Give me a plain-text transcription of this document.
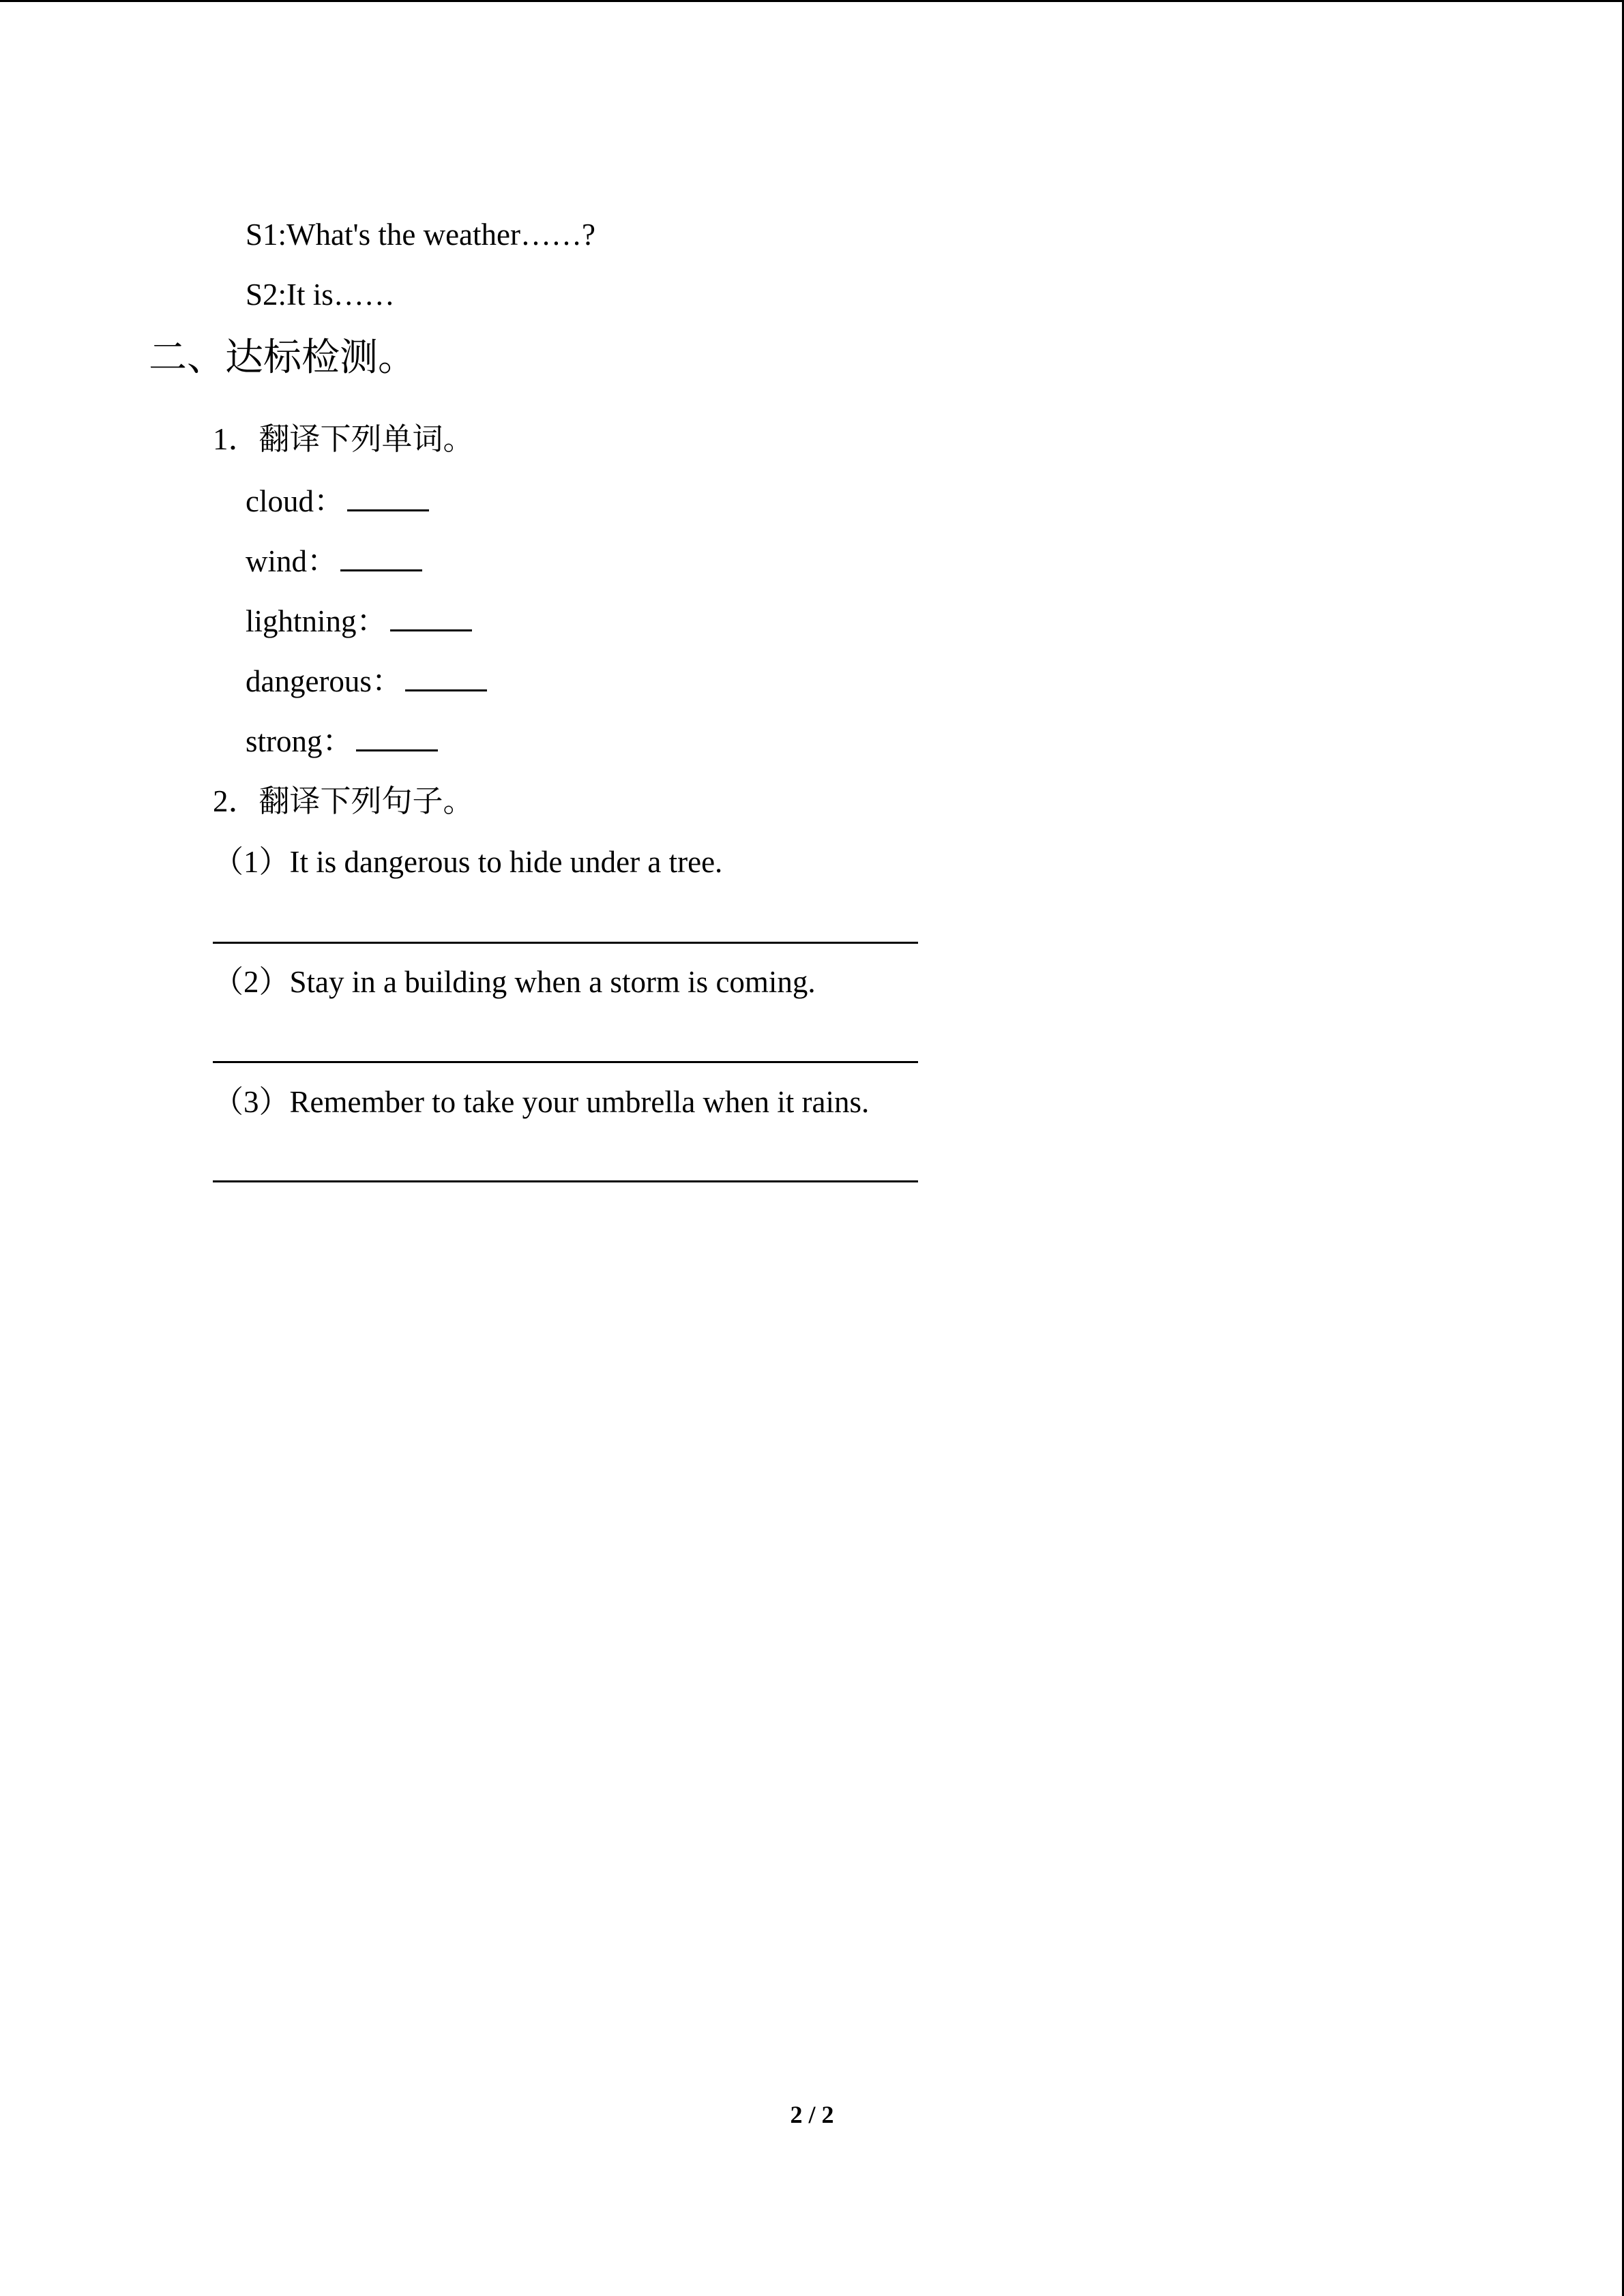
S1:What's the weather……?
S2:It is……
二、达标检测。
1．翻译下列单词。
cloud：
wind：
lightning：
dangerous：
strong：
2．翻译下列句子。
（1）It is dangerous to hide under a tree.
（2）Stay in a building when a storm is coming.
（3）Remember to take your umbrella when it rains.
2 / 2
